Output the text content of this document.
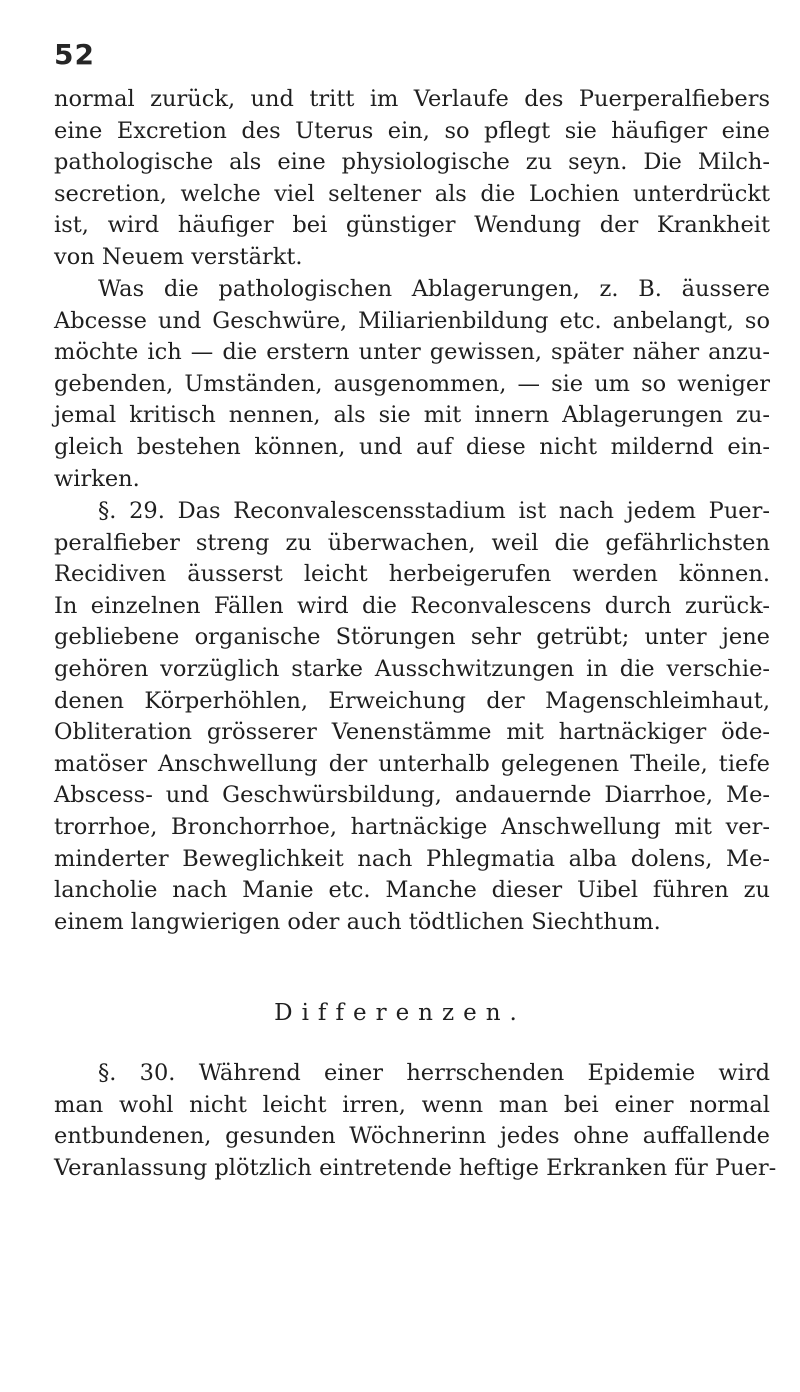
52
normal zurück, und tritt im Verlaufe des Puerperalfiebers
eine Excretion des Uterus ein, so pflegt sie häufiger eine
pathologische als eine physiologische zu seyn. Die Milch-
secretion, welche viel seltener als die Lochien unterdrückt
ist, wird häufiger bei günstiger Wendung der Krankheit
von Neuem verstärkt.
Was die pathologischen Ablagerungen, z. B. äussere
Abcesse und Geschwüre, Miliarienbildung etc. anbelangt, so
möchte ich — die erstern unter gewissen, später näher anzu-
gebenden, Umständen, ausgenommen, — sie um so weniger
jemal kritisch nennen, als sie mit innern Ablagerungen zu-
gleich bestehen können, und auf diese nicht mildernd ein-
wirken.
§. 29. Das Reconvalescensstadium ist nach jedem Puer-
peralfieber streng zu überwachen, weil die gefährlichsten
Recidiven äusserst leicht herbeigerufen werden können.
In einzelnen Fällen wird die Reconvalescens durch zurück-
gebliebene organische Störungen sehr getrübt; unter jene
gehören vorzüglich starke Ausschwitzungen in die verschie-
denen Körperhöhlen, Erweichung der Magenschleimhaut,
Obliteration grösserer Venenstämme mit hartnäckiger öde-
matöser Anschwellung der unterhalb gelegenen Theile, tiefe
Abscess- und Geschwürsbildung, andauernde Diarrhoe, Me-
trorrhoe, Bronchorrhoe, hartnäckige Anschwellung mit ver-
minderter Beweglichkeit nach Phlegmatia alba dolens, Me-
lancholie nach Manie etc. Manche dieser Uibel führen zu
einem langwierigen oder auch tödtlichen Siechthum.
Differenzen.
§. 30. Während einer herrschenden Epidemie wird
man wohl nicht leicht irren, wenn man bei einer normal
entbundenen, gesunden Wöchnerinn jedes ohne auffallende
Veranlassung plötzlich eintretende heftige Erkranken für Puer-
